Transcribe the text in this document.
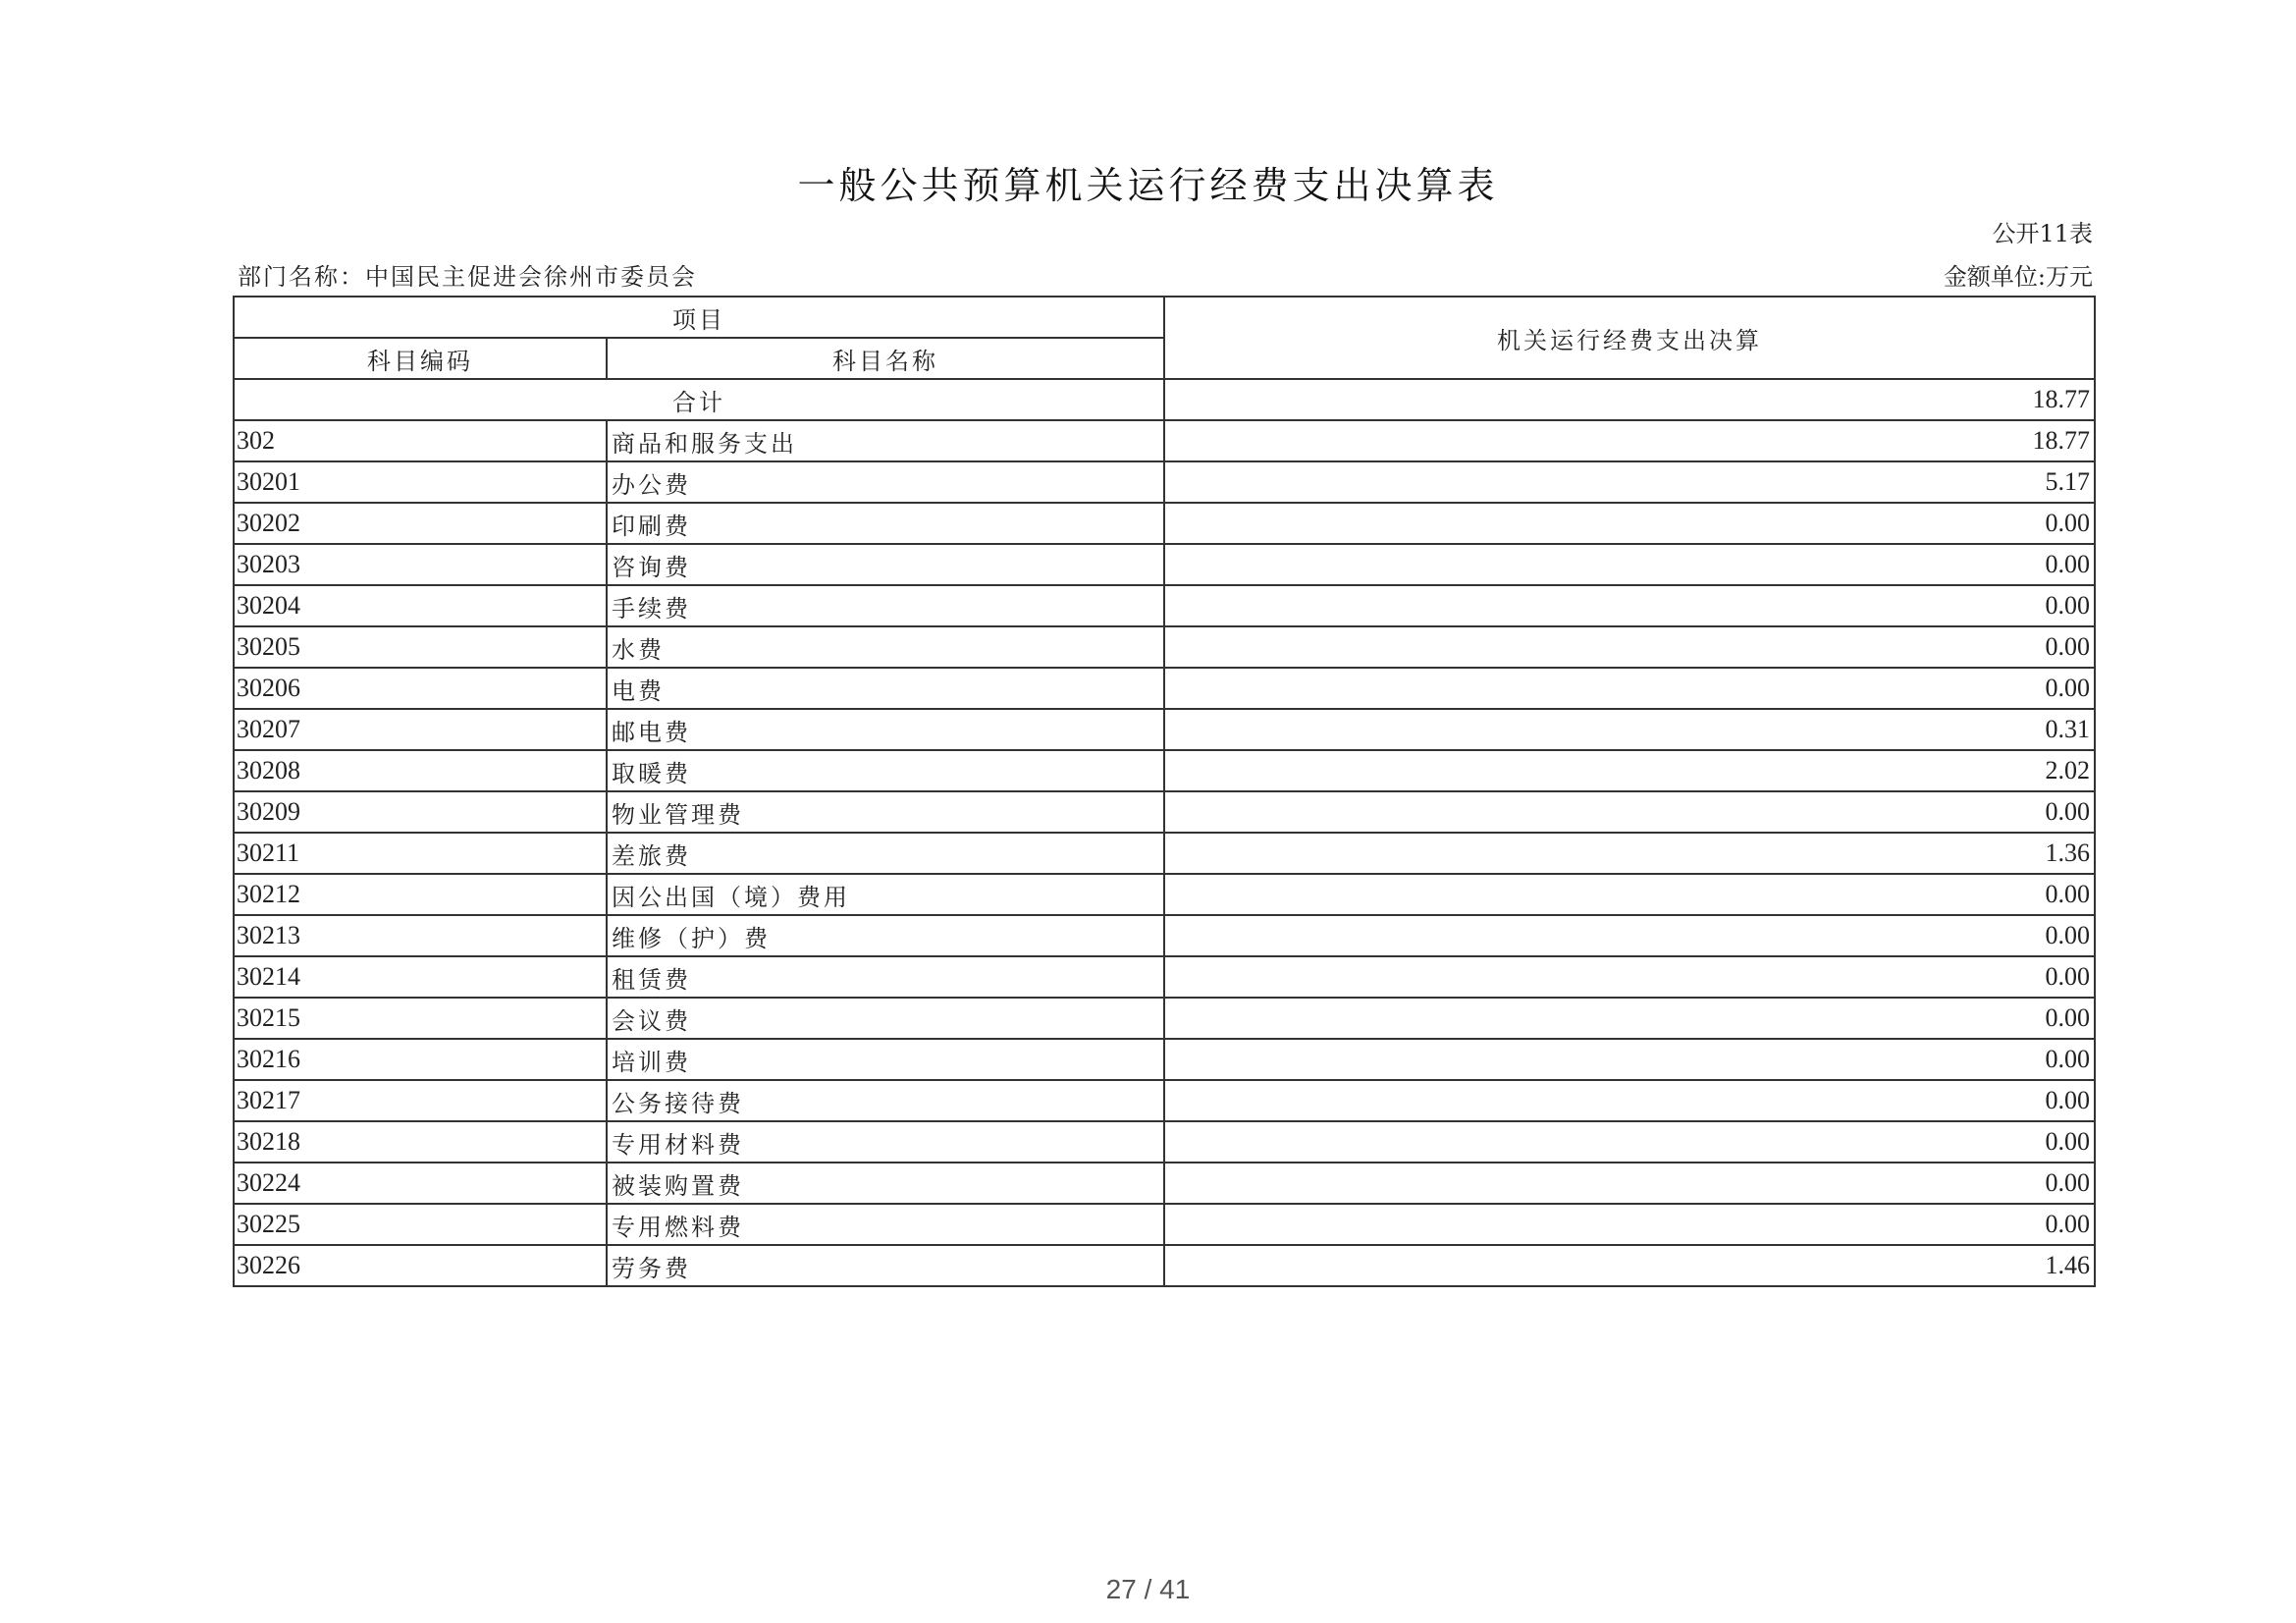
一般公共预算机关运行经费支出决算表
公开11表
部门名称：中国民主促进会徐州市委员会	金额单位:万元
项目		机关运行经费支出决算
科目编码	科目名称	
合计		18.77
302	商品和服务支出	18.77
30201	办公费	5.17
30202	印刷费	0.00
30203	咨询费	0.00
30204	手续费	0.00
30205	水费	0.00
30206	电费	0.00
30207	邮电费	0.31
30208	取暖费	2.02
30209	物业管理费	0.00
30211	差旅费	1.36
30212	因公出国（境）费用	0.00
30213	维修（护）费	0.00
30214	租赁费	0.00
30215	会议费	0.00
30216	培训费	0.00
30217	公务接待费	0.00
30218	专用材料费	0.00
30224	被装购置费	0.00
30225	专用燃料费	0.00
30226	劳务费	1.46
27 / 41
